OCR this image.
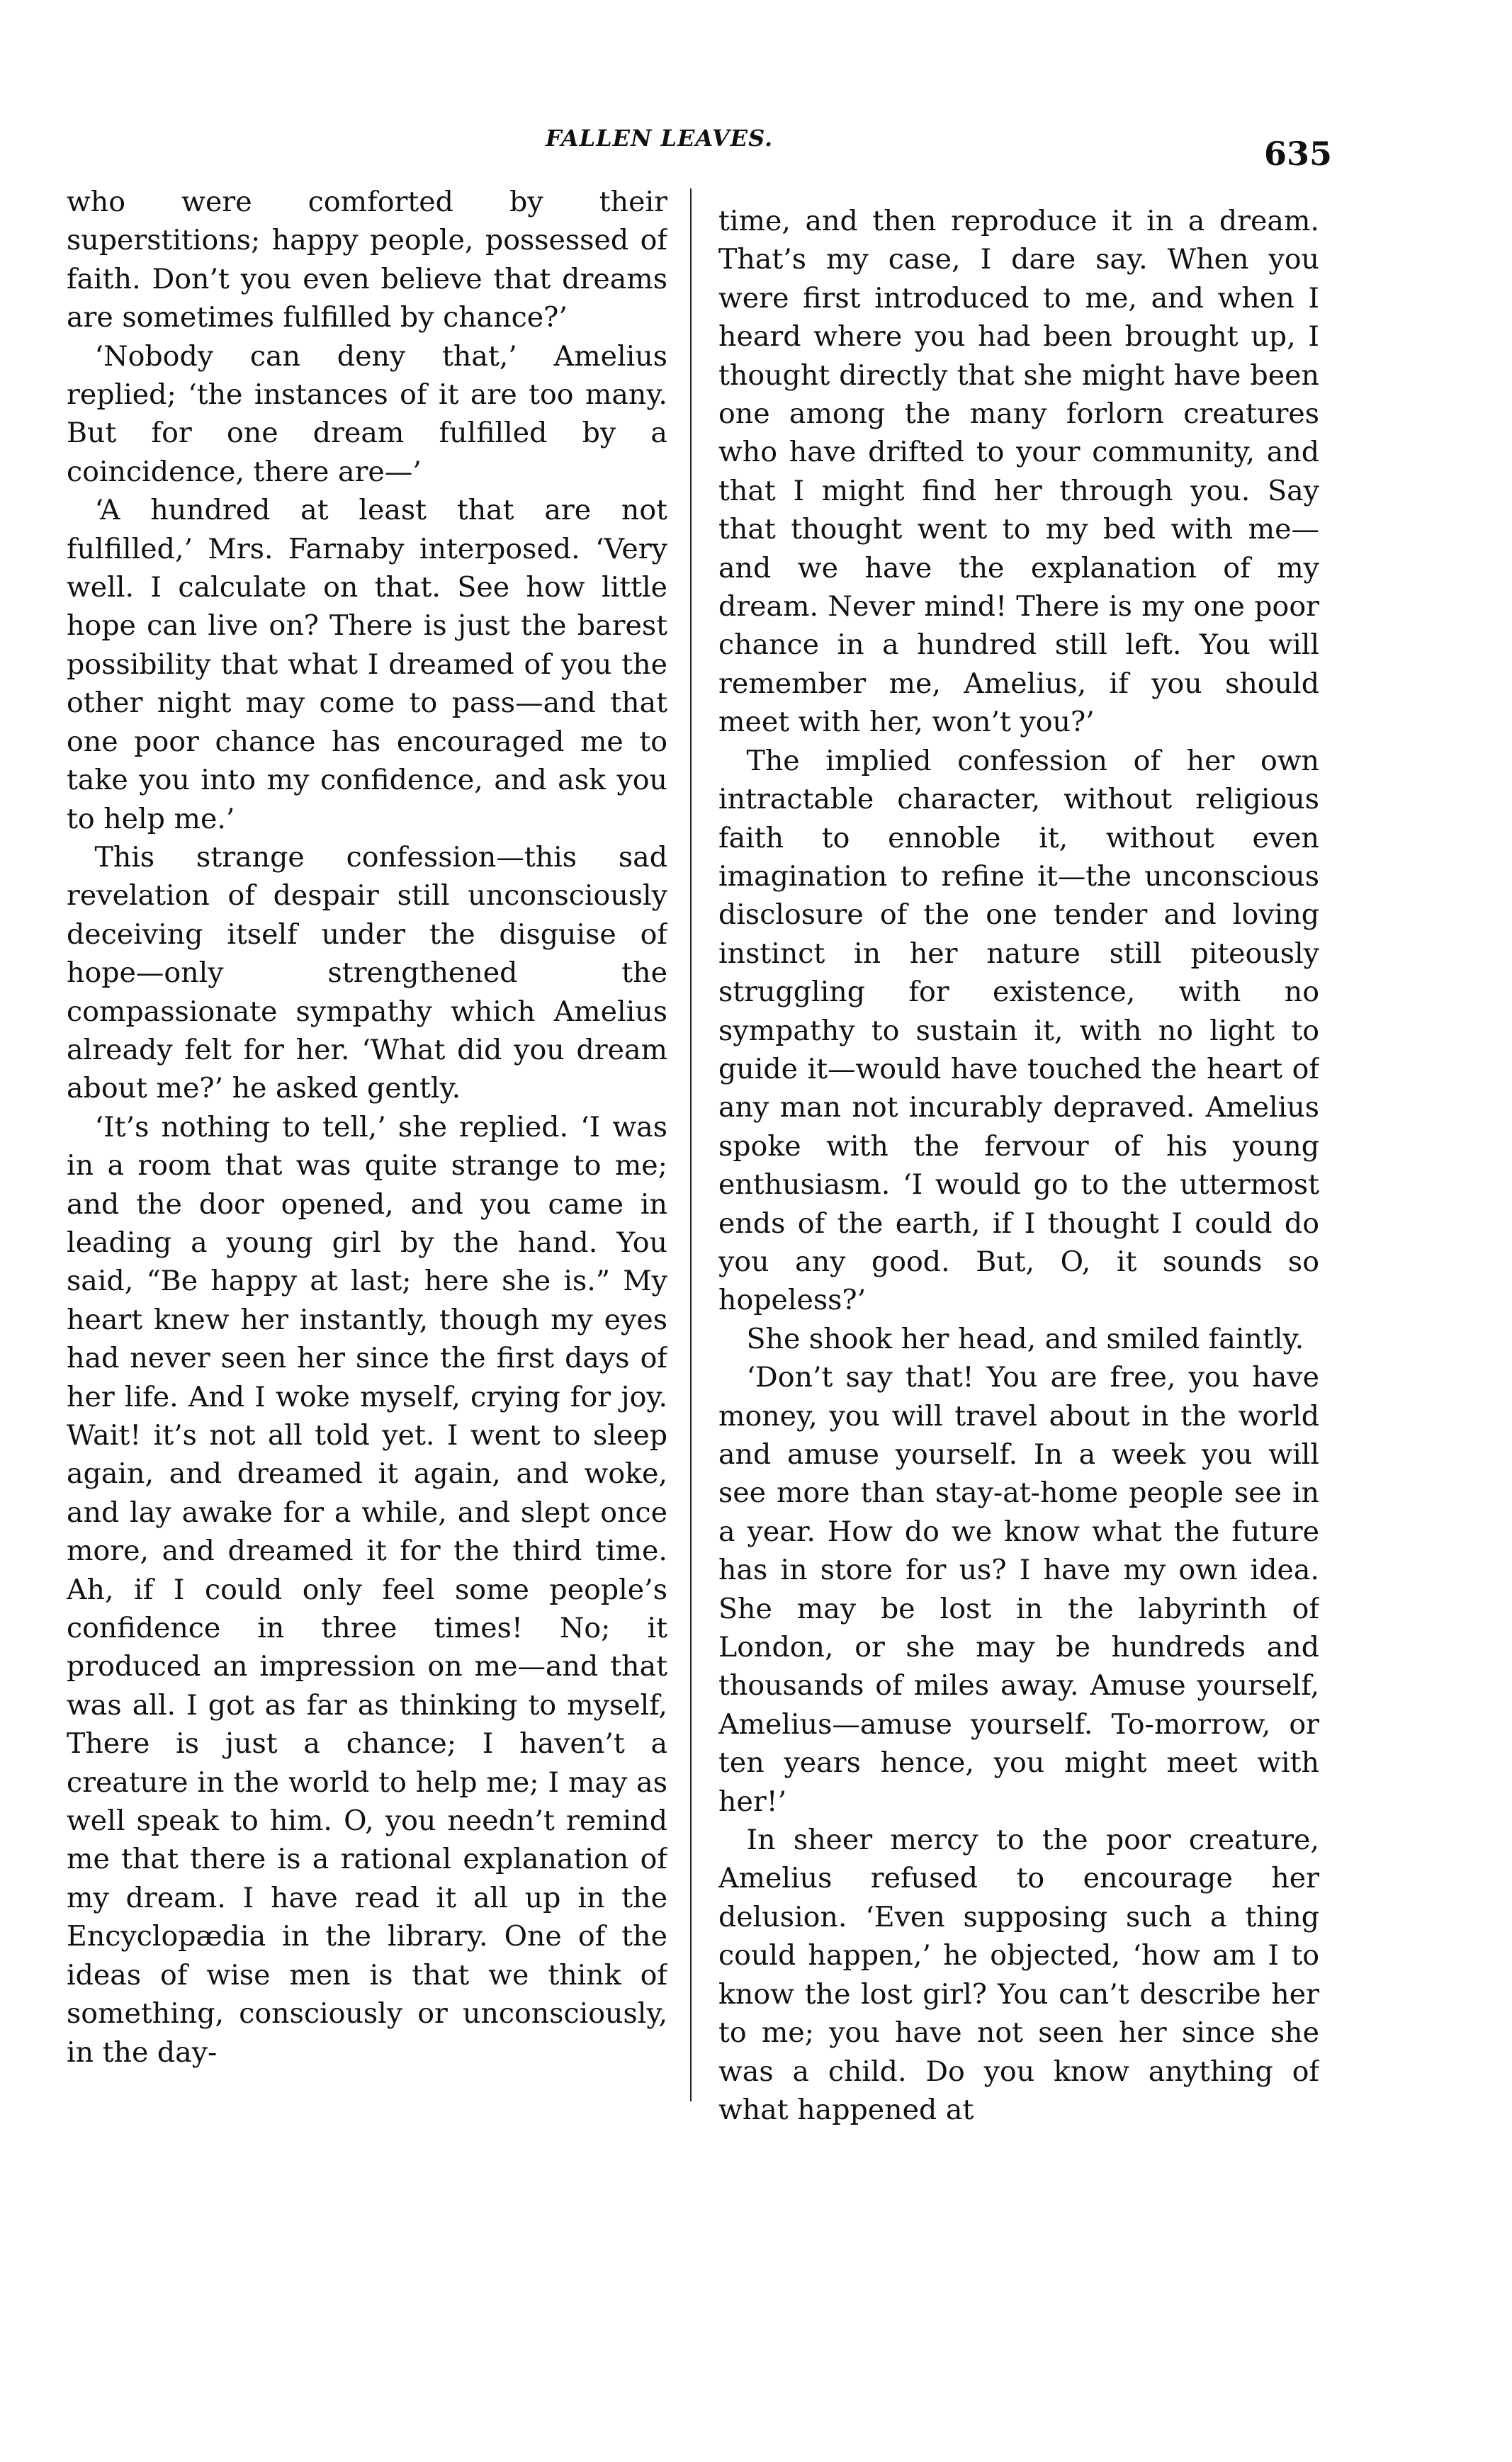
FALLEN LEAVES.	635

who were comforted by their superstitions; happy people, possessed of faith. Don’t you even believe that dreams are sometimes fulfilled by chance?’

‘Nobody can deny that,’ Amelius replied; ‘the instances of it are too many. But for one dream fulfilled by a coincidence, there are—’

‘A hundred at least that are not fulfilled,’ Mrs. Farnaby interposed. ‘Very well. I calculate on that. See how little hope can live on? There is just the barest possibility that what I dreamed of you the other night may come to pass—and that one poor chance has encouraged me to take you into my confidence, and ask you to help me.’

This strange confession—this sad revelation of despair still unconsciously deceiving itself under the disguise of hope—only strengthened the compassionate sympathy which Amelius already felt for her. ‘What did you dream about me?’ he asked gently.

‘It’s nothing to tell,’ she replied. ‘I was in a room that was quite strange to me; and the door opened, and you came in leading a young girl by the hand. You said, “Be happy at last; here she is.” My heart knew her instantly, though my eyes had never seen her since the first days of her life. And I woke myself, crying for joy. Wait! it’s not all told yet. I went to sleep again, and dreamed it again, and woke, and lay awake for a while, and slept once more, and dreamed it for the third time. Ah, if I could only feel some people’s confidence in three times! No; it produced an impression on me—and that was all. I got as far as thinking to myself, There is just a chance; I haven’t a creature in the world to help me; I may as well speak to him. O, you needn’t remind me that there is a rational explanation of my dream. I have read it all up in the Encyclopædia in the library. One of the ideas of wise men is that we think of something, consciously or unconsciously, in the day-

time, and then reproduce it in a dream. That’s my case, I dare say. When you were first introduced to me, and when I heard where you had been brought up, I thought directly that she might have been one among the many forlorn creatures who have drifted to your community, and that I might find her through you. Say that thought went to my bed with me—and we have the explanation of my dream. Never mind! There is my one poor chance in a hundred still left. You will remember me, Amelius, if you should meet with her, won’t you?’

The implied confession of her own intractable character, without religious faith to ennoble it, without even imagination to refine it—the unconscious disclosure of the one tender and loving instinct in her nature still piteously struggling for existence, with no sympathy to sustain it, with no light to guide it—would have touched the heart of any man not incurably depraved. Amelius spoke with the fervour of his young enthusiasm. ‘I would go to the uttermost ends of the earth, if I thought I could do you any good. But, O, it sounds so hopeless?’

She shook her head, and smiled faintly.

‘Don’t say that! You are free, you have money, you will travel about in the world and amuse yourself. In a week you will see more than stay-at-home people see in a year. How do we know what the future has in store for us? I have my own idea. She may be lost in the labyrinth of London, or she may be hundreds and thousands of miles away. Amuse yourself, Amelius—amuse yourself. To-morrow, or ten years hence, you might meet with her!’

In sheer mercy to the poor creature, Amelius refused to encourage her delusion. ‘Even supposing such a thing could happen,’ he objected, ‘how am I to know the lost girl? You can’t describe her to me; you have not seen her since she was a child. Do you know anything of what happened at
